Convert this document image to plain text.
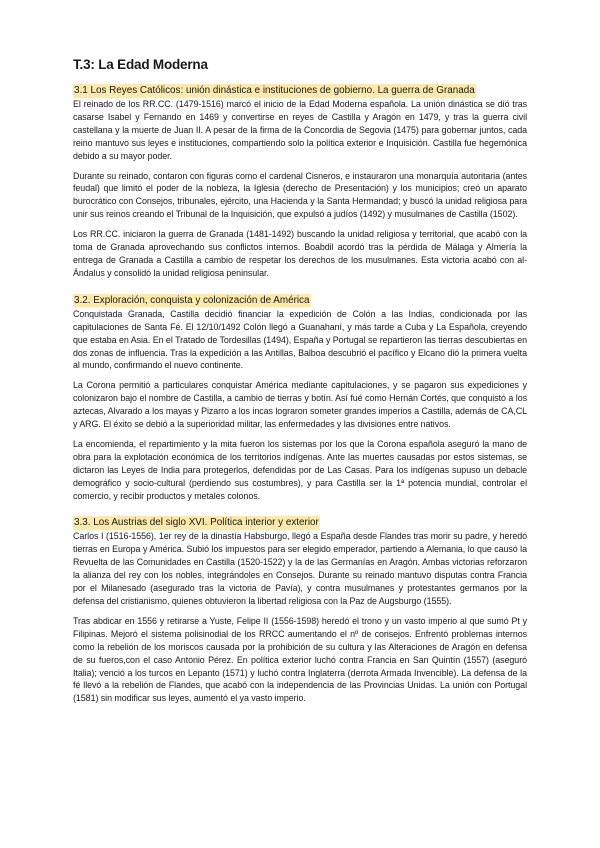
T.3: La Edad Moderna

3.1 Los Reyes Católicos: unión dinástica e instituciones de gobierno. La guerra de Granada

El reinado de los RR.CC. (1479-1516) marcó el inicio de la Edad Moderna española. La unión dinástica se dió tras casarse Isabel y Fernando en 1469 y convertirse en reyes de Castilla y Aragón en 1479, y tras la guerra civil castellana y la muerte de Juan II. A pesar de la firma de la Concordia de Segovia (1475) para gobernar juntos, cada reino mantuvo sus leyes e instituciones, compartiendo solo la política exterior e Inquisición. Castilla fue hegemónica debido a su mayor poder.

Durante su reinado, contaron con figuras como el cardenal Cisneros, e instauraron una monarquía autoritaria (antes feudal) que limitó el poder de la nobleza, la Iglesia (derecho de Presentación) y los municipios; creó un aparato burocrático con Consejos, tribunales, ejército, una Hacienda y la Santa Hermandad; y buscó la unidad religiosa para unir sus reinos creando el Tribunal de la Inquisición, que expulsó a judíos (1492) y musulmanes de Castilla (1502).

Los RR.CC. iniciaron la guerra de Granada (1481-1492) buscando la unidad religiosa y territorial, que acabó con la toma de Granada aprovechando sus conflictos internos. Boabdil acordó tras la pérdida de Málaga y Almería la entrega de Granada a Castilla a cambio de respetar los derechos de los musulmanes. Esta victoria acabó con al-Ándalus y consolidó la unidad religiosa peninsular.

3.2. Exploración, conquista y colonización de América

Conquistada Granada, Castilla decidió financiar la expedición de Colón a las Indias, condicionada por las capitulaciones de Santa Fé. El 12/10/1492 Colón llegó a Guanahaní, y más tarde a Cuba y La Española, creyendo que estaba en Asia. En el Tratado de Tordesillas (1494), España y Portugal se repartieron las tierras descubiertas en dos zonas de influencia. Tras la expedición a las Antillas, Balboa descubrió el pacífico y Elcano dió la primera vuelta al mundo, confirmando el nuevo continente.

La Corona permitió a particulares conquistar América mediante capitulaciones, y se pagaron sus expediciones y colonizaron bajo el nombre de Castilla, a cambio de tierras y botín. Así fué como Hernán Cortés, que conquistó a los aztecas, Alvarado a los mayas y Pizarro a los incas lograron someter grandes imperios a Castilla, además de CA,CL y ARG. El éxito se debió a la superioridad militar, las enfermedades y las divisiones entre nativos.

La encomienda, el repartimiento y la mita fueron los sistemas por los que la Corona española aseguró la mano de obra para la explotación económica de los territorios indígenas. Ante las muertes causadas por estos sistemas, se dictaron las Leyes de India para protegerlos, defendidas por de Las Casas. Para los indígenas supuso un debacle demográfico y socio-cultural (perdiendo sus costumbres), y para Castilla ser la 1ª potencia mundial, controlar el comercio, y recibir productos y metales colonos.

3.3. Los Austrias del siglo XVI. Política interior y exterior

Carlos I (1516-1556), 1er rey de la dinastía Habsburgo, llegó a España desde Flandes tras morir su padre, y heredó tierras en Europa y América. Subió los impuestos para ser elegido emperador, partiendo a Alemania, lo que causó la Revuelta de las Comunidades en Castilla (1520-1522) y la de las Germanías en Aragón. Ambas victorias reforzaron la alianza del rey con los nobles, integrándoles en Consejos. Durante su reinado mantuvo disputas contra Francia por el Milanesado (asegurado tras la victoria de Pavía), y contra musulmanes y protestantes germanos por la defensa del cristianismo, quienes obtuvieron la libertad religiosa con la Paz de Augsburgo (1555).

Tras abdicar en 1556 y retirarse a Yuste, Felipe II (1556-1598) heredó el trono y un vasto imperio al que sumó Pt y Filipinas. Mejoró el sistema polisinodial de los RRCC aumentando el nº de consejos. Enfrentó problemas internos como la rebelión de los moriscos causada por la prohibición de su cultura y las Alteraciones de Aragón en defensa de su fueros,con el caso Antonio Pérez. En política exterior luchó contra Francia en San Quintín (1557) (aseguró Italia); venció a los turcos en Lepanto (1571) y luchó contra Inglaterra (derrota Armada Invencible). La defensa de la fé llevó a la rebelión de Flandes, que acabó con la independencia de las Provincias Unidas. La unión con Portugal (1581) sin modificar sus leyes, aumentó el ya vasto imperio.
